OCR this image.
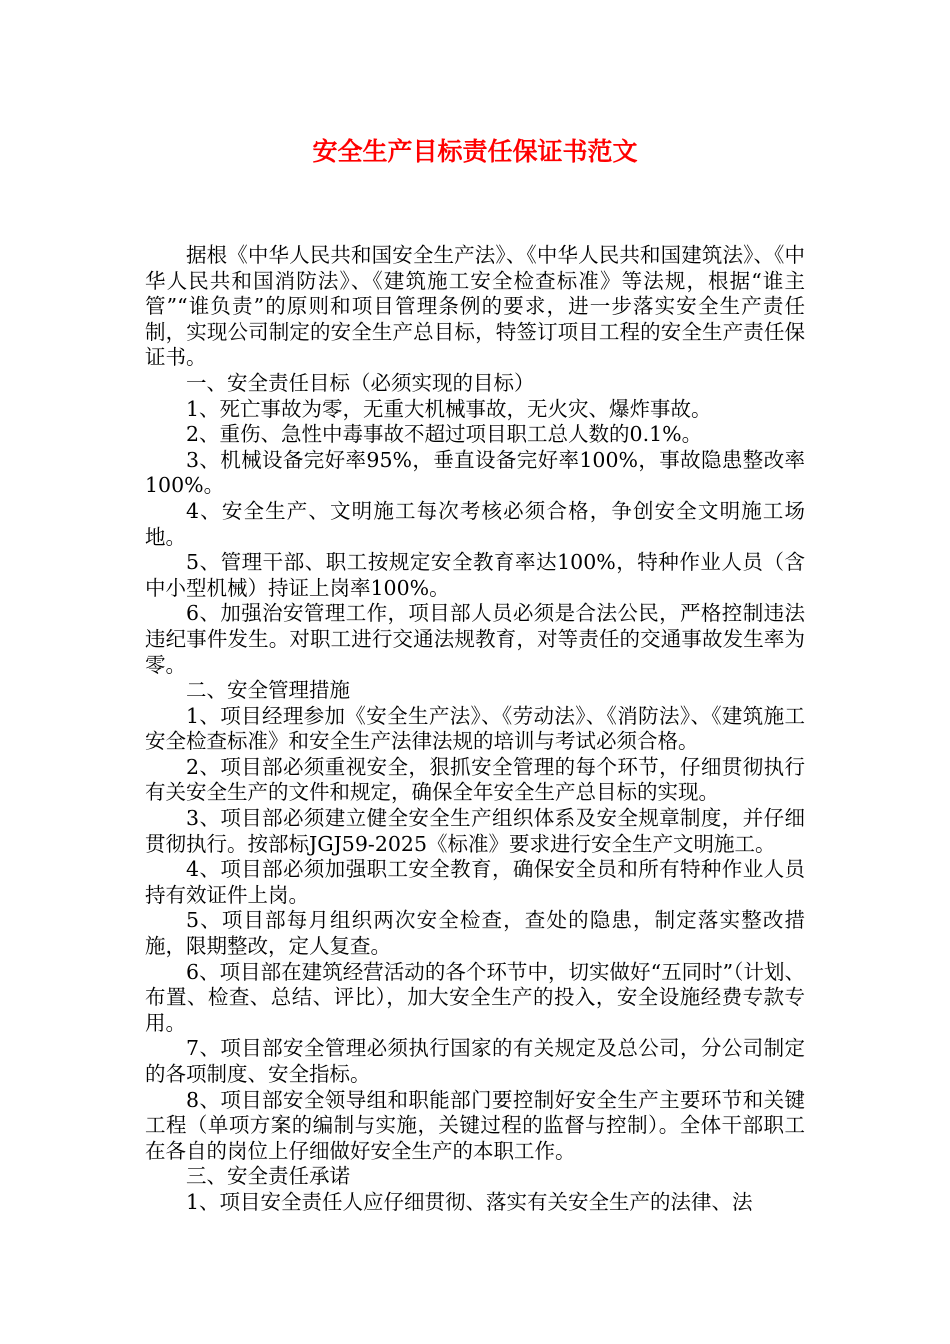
安全生产目标责任保证书范文

据根《中华人民共和国安全生产法》、《中华人民共和国建筑法》、《中华人民共和国消防法》、《建筑施工安全检查标准》等法规，根据“谁主管”“谁负责”的原则和项目管理条例的要求，进一步落实安全生产责任制，实现公司制定的安全生产总目标，特签订项目工程的安全生产责任保证书。

一、安全责任目标（必须实现的目标）

1、死亡事故为零，无重大机械事故，无火灾、爆炸事故。

2、重伤、急性中毒事故不超过项目职工总人数的0.1%。

3、机械设备完好率95%，垂直设备完好率100%，事故隐患整改率100%。

4、安全生产、文明施工每次考核必须合格，争创安全文明施工场地。

5、管理干部、职工按规定安全教育率达100%，特种作业人员（含中小型机械）持证上岗率100%。

6、加强治安管理工作，项目部人员必须是合法公民，严格控制违法违纪事件发生。对职工进行交通法规教育，对等责任的交通事故发生率为零。

二、安全管理措施

1、项目经理参加《安全生产法》、《劳动法》、《消防法》、《建筑施工安全检查标准》和安全生产法律法规的培训与考试必须合格。

2、项目部必须重视安全，狠抓安全管理的每个环节，仔细贯彻执行有关安全生产的文件和规定，确保全年安全生产总目标的实现。

3、项目部必须建立健全安全生产组织体系及安全规章制度，并仔细贯彻执行。按部标JGJ59-2025《标准》要求进行安全生产文明施工。

4、项目部必须加强职工安全教育，确保安全员和所有特种作业人员持有效证件上岗。

5、项目部每月组织两次安全检查，查处的隐患，制定落实整改措施，限期整改，定人复查。

6、项目部在建筑经营活动的各个环节中，切实做好“五同时”（计划、布置、检查、总结、评比），加大安全生产的投入，安全设施经费专款专用。

7、项目部安全管理必须执行国家的有关规定及总公司，分公司制定的各项制度、安全指标。

8、项目部安全领导组和职能部门要控制好安全生产主要环节和关键工程（单项方案的编制与实施，关键过程的监督与控制）。全体干部职工在各自的岗位上仔细做好安全生产的本职工作。

三、安全责任承诺

1、项目安全责任人应仔细贯彻、落实有关安全生产的法律、法
